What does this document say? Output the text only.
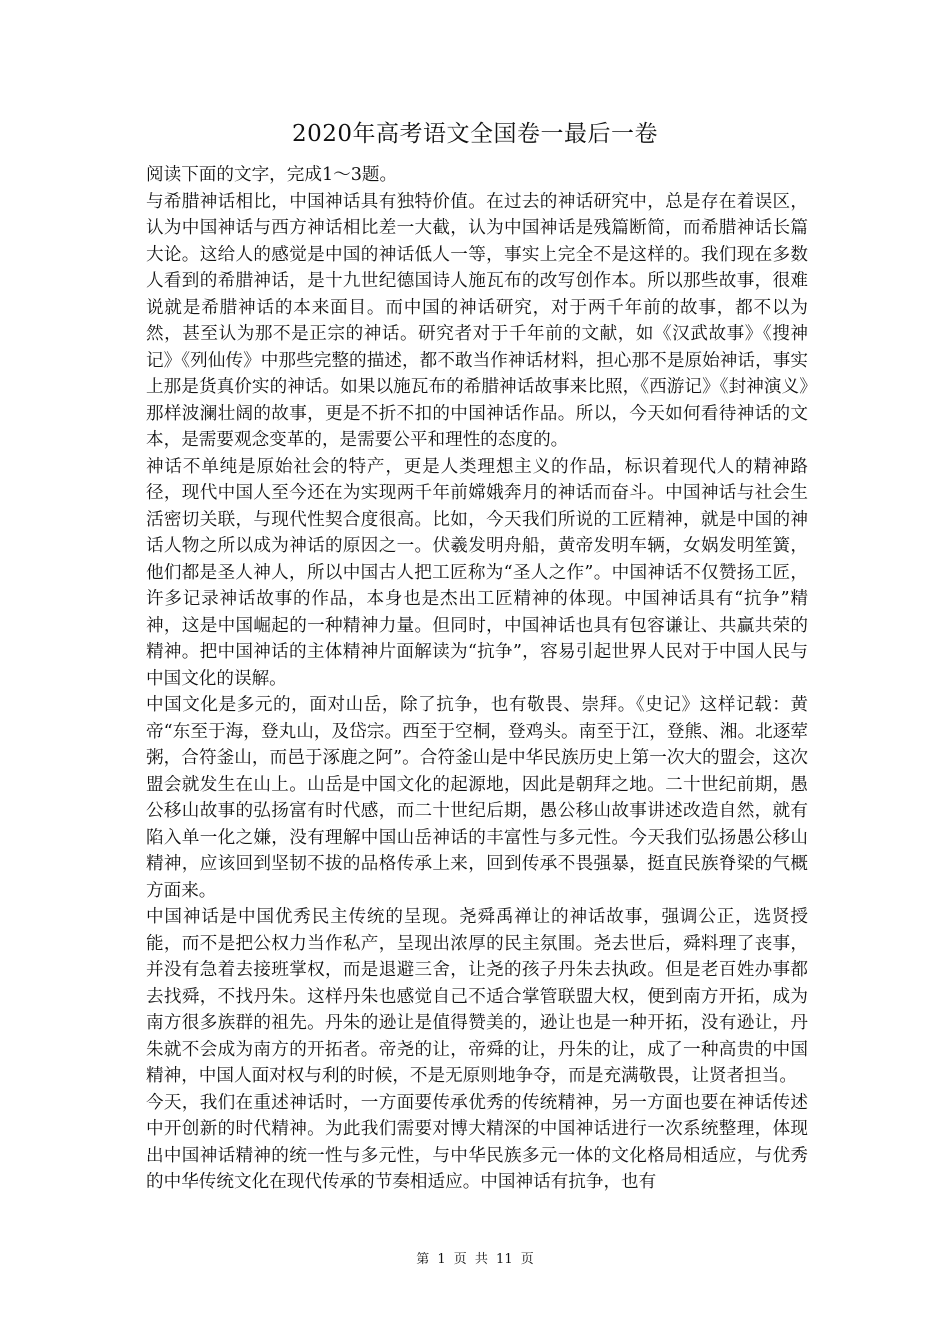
2020年高考语文全国卷一最后一卷

阅读下面的文字，完成1～3题。

与希腊神话相比，中国神话具有独特价值。在过去的神话研究中，总是存在着误区，认为中国神话与西方神话相比差一大截，认为中国神话是残篇断简，而希腊神话长篇大论。这给人的感觉是中国的神话低人一等，事实上完全不是这样的。我们现在多数人看到的希腊神话，是十九世纪德国诗人施瓦布的改写创作本。所以那些故事，很难说就是希腊神话的本来面目。而中国的神话研究，对于两千年前的故事，都不以为然，甚至认为那不是正宗的神话。研究者对于千年前的文献，如《汉武故事》《搜神记》《列仙传》中那些完整的描述，都不敢当作神话材料，担心那不是原始神话，事实上那是货真价实的神话。如果以施瓦布的希腊神话故事来比照，《西游记》《封神演义》那样波澜壮阔的故事，更是不折不扣的中国神话作品。所以，今天如何看待神话的文本，是需要观念变革的，是需要公平和理性的态度的。

神话不单纯是原始社会的特产，更是人类理想主义的作品，标识着现代人的精神路径，现代中国人至今还在为实现两千年前嫦娥奔月的神话而奋斗。中国神话与社会生活密切关联，与现代性契合度很高。比如，今天我们所说的工匠精神，就是中国的神话人物之所以成为神话的原因之一。伏羲发明舟船，黄帝发明车辆，女娲发明笙簧，他们都是圣人神人，所以中国古人把工匠称为“圣人之作”。中国神话不仅赞扬工匠，许多记录神话故事的作品，本身也是杰出工匠精神的体现。中国神话具有“抗争”精神，这是中国崛起的一种精神力量。但同时，中国神话也具有包容谦让、共赢共荣的精神。把中国神话的主体精神片面解读为“抗争”，容易引起世界人民对于中国人民与中国文化的误解。

中国文化是多元的，面对山岳，除了抗争，也有敬畏、崇拜。《史记》这样记载：黄帝“东至于海，登丸山，及岱宗。西至于空桐，登鸡头。南至于江，登熊、湘。北逐荤粥，合符釜山，而邑于涿鹿之阿”。合符釜山是中华民族历史上第一次大的盟会，这次盟会就发生在山上。山岳是中国文化的起源地，因此是朝拜之地。二十世纪前期，愚公移山故事的弘扬富有时代感，而二十世纪后期，愚公移山故事讲述改造自然，就有陷入单一化之嫌，没有理解中国山岳神话的丰富性与多元性。今天我们弘扬愚公移山精神，应该回到坚韧不拔的品格传承上来，回到传承不畏强暴，挺直民族脊梁的气概方面来。

中国神话是中国优秀民主传统的呈现。尧舜禹禅让的神话故事，强调公正，选贤授能，而不是把公权力当作私产，呈现出浓厚的民主氛围。尧去世后，舜料理了丧事，并没有急着去接班掌权，而是退避三舍，让尧的孩子丹朱去执政。但是老百姓办事都去找舜，不找丹朱。这样丹朱也感觉自己不适合掌管联盟大权，便到南方开拓，成为南方很多族群的祖先。丹朱的逊让是值得赞美的，逊让也是一种开拓，没有逊让，丹朱就不会成为南方的开拓者。帝尧的让，帝舜的让，丹朱的让，成了一种高贵的中国精神，中国人面对权与利的时候，不是无原则地争夺，而是充满敬畏，让贤者担当。

今天，我们在重述神话时，一方面要传承优秀的传统精神，另一方面也要在神话传述中开创新的时代精神。为此我们需要对博大精深的中国神话进行一次系统整理，体现出中国神话精神的统一性与多元性，与中华民族多元一体的文化格局相适应，与优秀的中华传统文化在现代传承的节奏相适应。中国神话有抗争，也有

第 1 页 共 11 页
